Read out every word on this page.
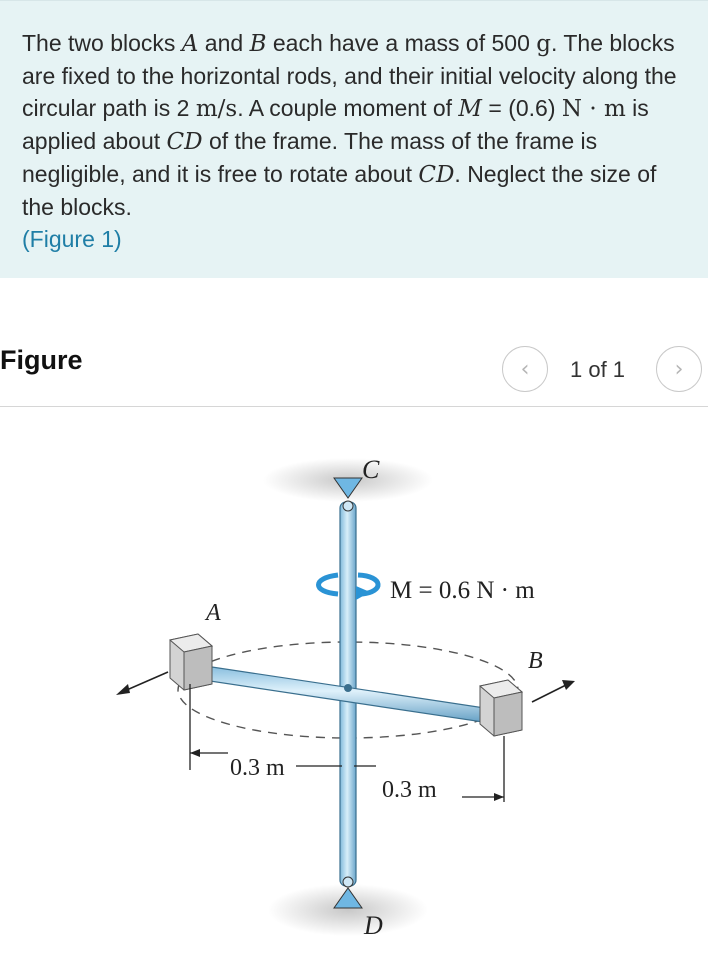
The two blocks A and B each have a mass of 500 g. The blocks are fixed to the horizontal rods, and their initial velocity along the circular path is 2 m/s. A couple moment of M = (0.6) N · m is applied about CD of the frame. The mass of the frame is negligible, and it is free to rotate about CD. Neglect the size of the blocks.
(Figure 1)
Figure	‹ 1 of 1 ›
C
D
A
B
M = 0.6 N · m
0.3 m
0.3 m
